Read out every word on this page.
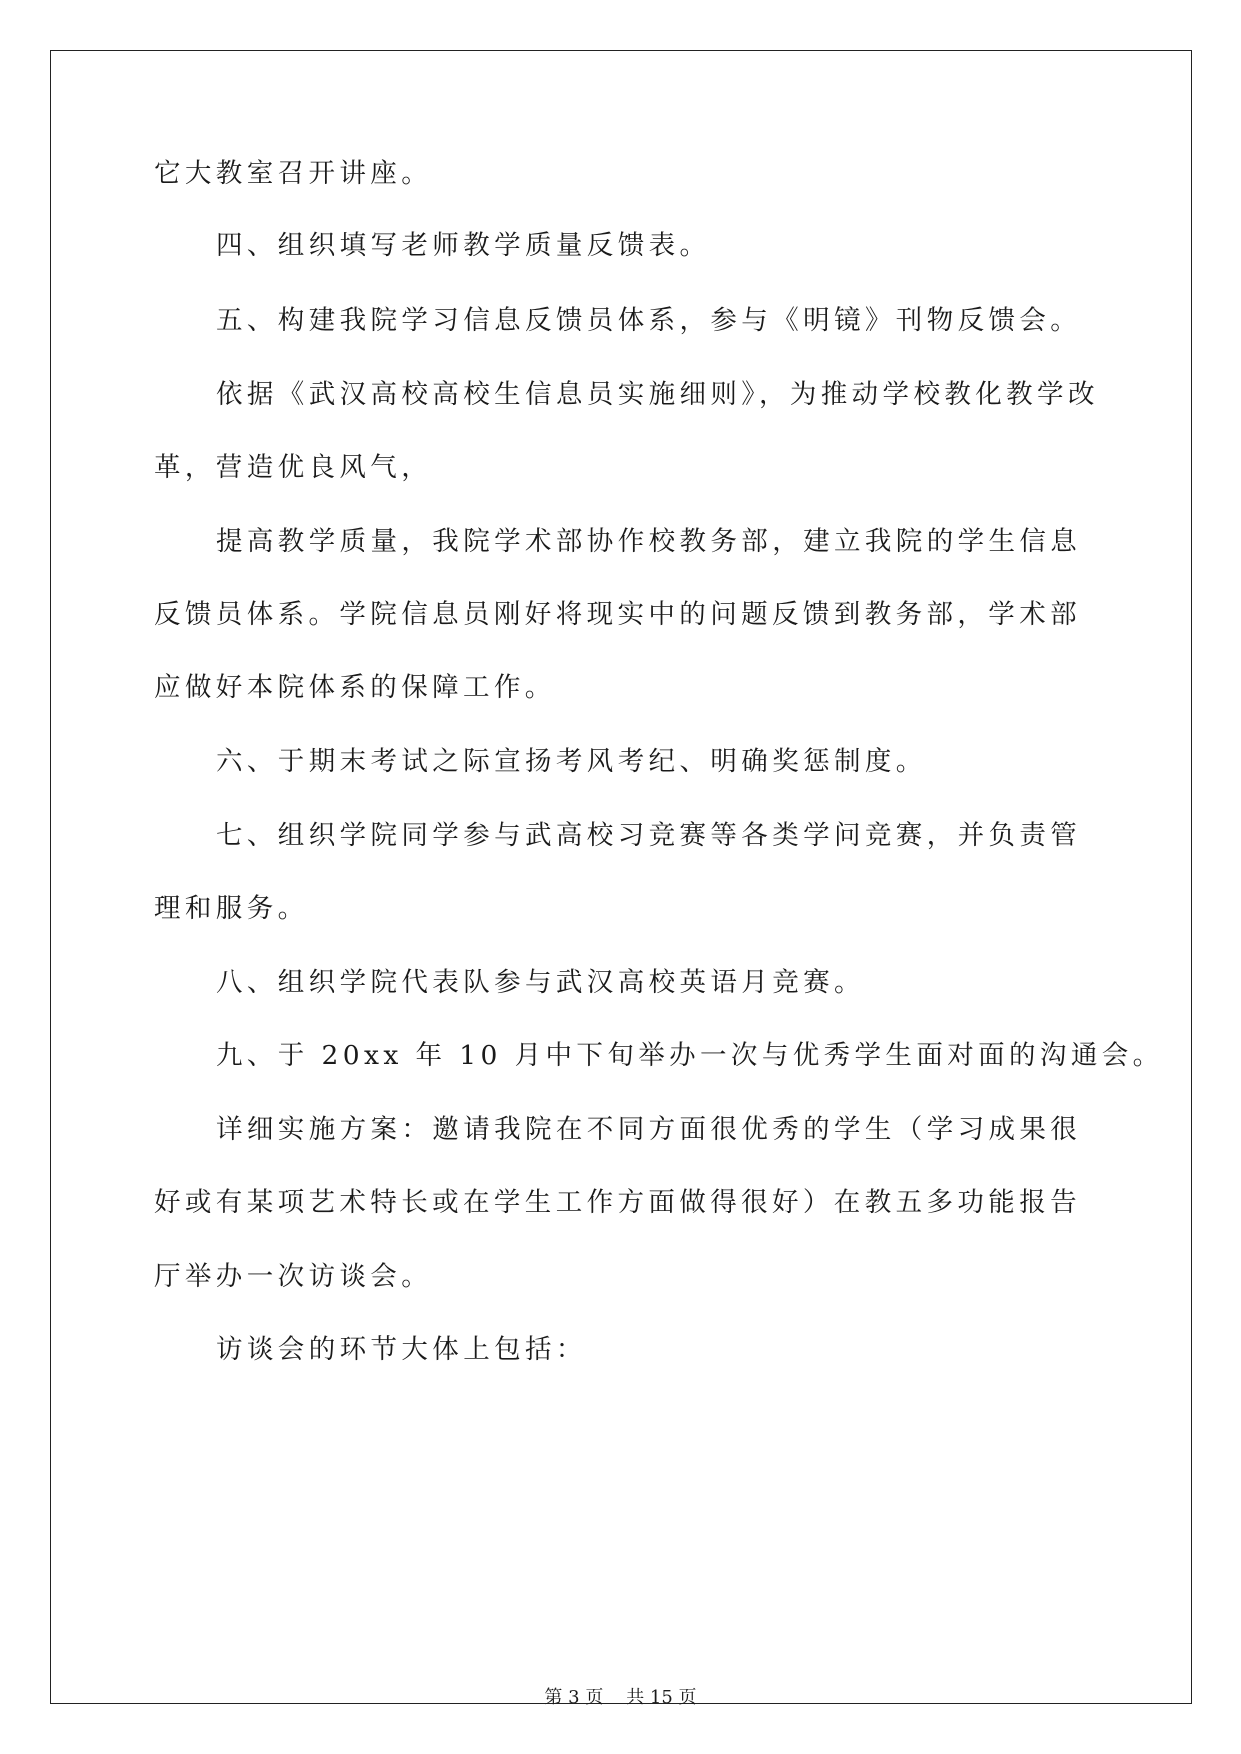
它大教室召开讲座。
四、组织填写老师教学质量反馈表。
五、构建我院学习信息反馈员体系，参与《明镜》刊物反馈会。
依据《武汉高校高校生信息员实施细则》，为推动学校教化教学改
革，营造优良风气，
提高教学质量，我院学术部协作校教务部，建立我院的学生信息
反馈员体系。学院信息员刚好将现实中的问题反馈到教务部，学术部
应做好本院体系的保障工作。
六、于期末考试之际宣扬考风考纪、明确奖惩制度。
七、组织学院同学参与武高校习竞赛等各类学问竞赛，并负责管
理和服务。
八、组织学院代表队参与武汉高校英语月竞赛。
九、于 20xx 年 10 月中下旬举办一次与优秀学生面对面的沟通会。
详细实施方案：邀请我院在不同方面很优秀的学生（学习成果很
好或有某项艺术特长或在学生工作方面做得很好）在教五多功能报告
厅举办一次访谈会。
访谈会的环节大体上包括：
第 3 页    共 15 页
